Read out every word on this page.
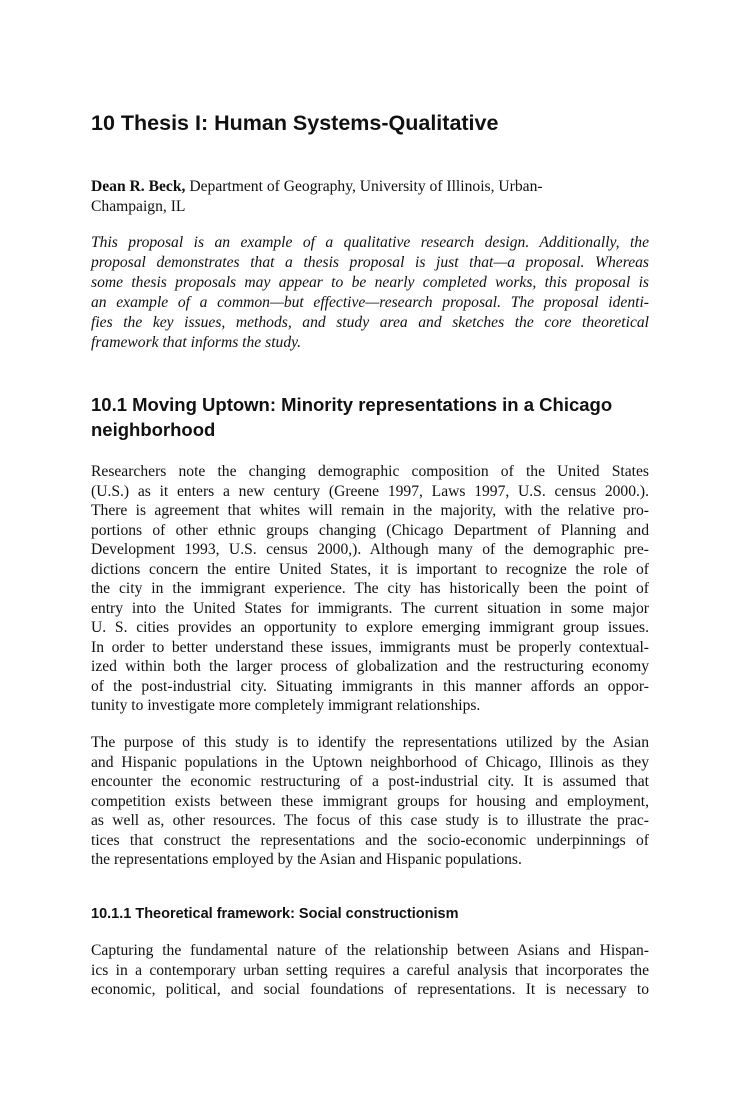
10 Thesis I: Human Systems-Qualitative

Dean R. Beck, Department of Geography, University of Illinois, Urban-
Champaign, IL

This proposal is an example of a qualitative research design. Additionally, the
proposal demonstrates that a thesis proposal is just that—a proposal. Whereas
some thesis proposals may appear to be nearly completed works, this proposal is
an example of a common—but effective—research proposal. The proposal identi-
fies the key issues, methods, and study area and sketches the core theoretical
framework that informs the study.

10.1 Moving Uptown: Minority representations in a Chicago neighborhood

Researchers note the changing demographic composition of the United States
(U.S.) as it enters a new century (Greene 1997, Laws 1997, U.S. census 2000.).
There is agreement that whites will remain in the majority, with the relative pro-
portions of other ethnic groups changing (Chicago Department of Planning and
Development 1993, U.S. census 2000,). Although many of the demographic pre-
dictions concern the entire United States, it is important to recognize the role of
the city in the immigrant experience. The city has historically been the point of
entry into the United States for immigrants. The current situation in some major
U. S. cities provides an opportunity to explore emerging immigrant group issues.
In order to better understand these issues, immigrants must be properly contextual-
ized within both the larger process of globalization and the restructuring economy
of the post-industrial city. Situating immigrants in this manner affords an oppor-
tunity to investigate more completely immigrant relationships.

The purpose of this study is to identify the representations utilized by the Asian
and Hispanic populations in the Uptown neighborhood of Chicago, Illinois as they
encounter the economic restructuring of a post-industrial city. It is assumed that
competition exists between these immigrant groups for housing and employment,
as well as, other resources. The focus of this case study is to illustrate the prac-
tices that construct the representations and the socio-economic underpinnings of
the representations employed by the Asian and Hispanic populations.

10.1.1 Theoretical framework: Social constructionism

Capturing the fundamental nature of the relationship between Asians and Hispan-
ics in a contemporary urban setting requires a careful analysis that incorporates the
economic, political, and social foundations of representations. It is necessary to
